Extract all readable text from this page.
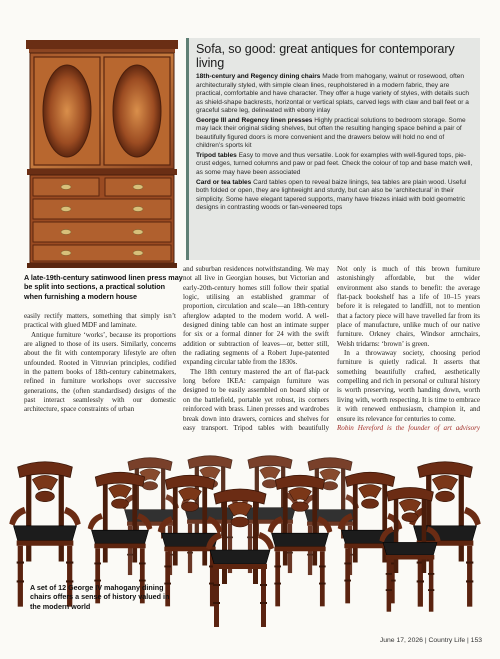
Sofa, so good: great antiques for contemporary living

18th-century and Regency dining chairs Made from mahogany, walnut or rosewood, often architecturally styled, with simple clean lines, reupholstered in a modern fabric, they are practical, comfortable and have character. They offer a huge variety of styles, with details such as shield-shape backrests, horizontal or vertical splats, carved legs with claw and ball feet or a graceful sabre leg, delineated with ebony inlay

George III and Regency linen presses Highly practical solutions to bedroom storage. Some may lack their original sliding shelves, but often the resulting hanging space behind a pair of beautifully figured doors is more convenient and the drawers below will hold no end of children’s sports kit

Tripod tables Easy to move and thus versatile. Look for examples with well-figured tops, pie-crust edges, turned columns and paw or pad feet. Check the colour of top and base match well, as some may have been associated

Card or tea tables Card tables open to reveal baize linings, tea tables are plain wood. Useful both folded or open, they are lightweight and sturdy, but can also be ‘architectural’ in their simplicity. Some have elegant tapered supports, many have friezes inlaid with bold geometric designs in contrasting woods or fan-veneered tops

A late-19th-century satinwood linen press may be split into sections, a practical solution when furnishing a modern house

easily rectify matters, something that simply isn’t practical with glued MDF and laminate.

Antique furniture ‘works’, because its proportions are aligned to those of its users. Similarly, concerns about the fit with contemporary lifestyle are often unfounded. Rooted in Vitruvian principles, codified in the pattern books of 18th-century cabinetmakers, refined in furniture workshops over successive generations, the (often standardised) designs of the past interact seamlessly with our domestic architecture, space constraints of urban

and suburban residences notwithstanding. We may not all live in Georgian houses, but Victorian and early-20th-century homes still follow their spatial logic, utilising an established grammar of proportion, circulation and scale—an 18th-century afterglow adapted to the modern world. A well-designed dining table can host an intimate supper for six or a formal dinner for 24 with the swift addition or subtraction of leaves—or, better still, the radiating segments of a Robert Jupe-patented expanding circular table from the 1830s.

The 18th century mastered the art of flat-pack long before IKEA: campaign furniture was designed to be easily assembled on board ship or on the battlefield, portable yet robust, its corners reinforced with brass. Linen presses and wardrobes break down into drawers, cornices and shelves for easy transport. Tripod tables with beautifully

Not only is much of this brown furniture astonishingly affordable, but the wider environment also stands to benefit: the average flat-pack bookshelf has a life of 10–15 years before it is relegated to landfill, not to mention that a factory piece will have travelled far from its place of manufacture, unlike much of our native furniture. Orkney chairs, Windsor armchairs, Welsh tridarns: ‘brown’ is green.

In a throwaway society, choosing period furniture is quietly radical. It asserts that something beautifully crafted, aesthetically compelling and rich in personal or cultural history is worth preserving, worth handing down, worth living with, worth respecting. It is time to embrace it with renewed enthusiasm, champion it, and ensure its relevance for centuries to come.

Robin Hereford is the founder of art advisory

A set of 12 George IV mahogany dining chairs offers a sense of history valued in the modern world

June 17, 2026 | Country Life | 153
